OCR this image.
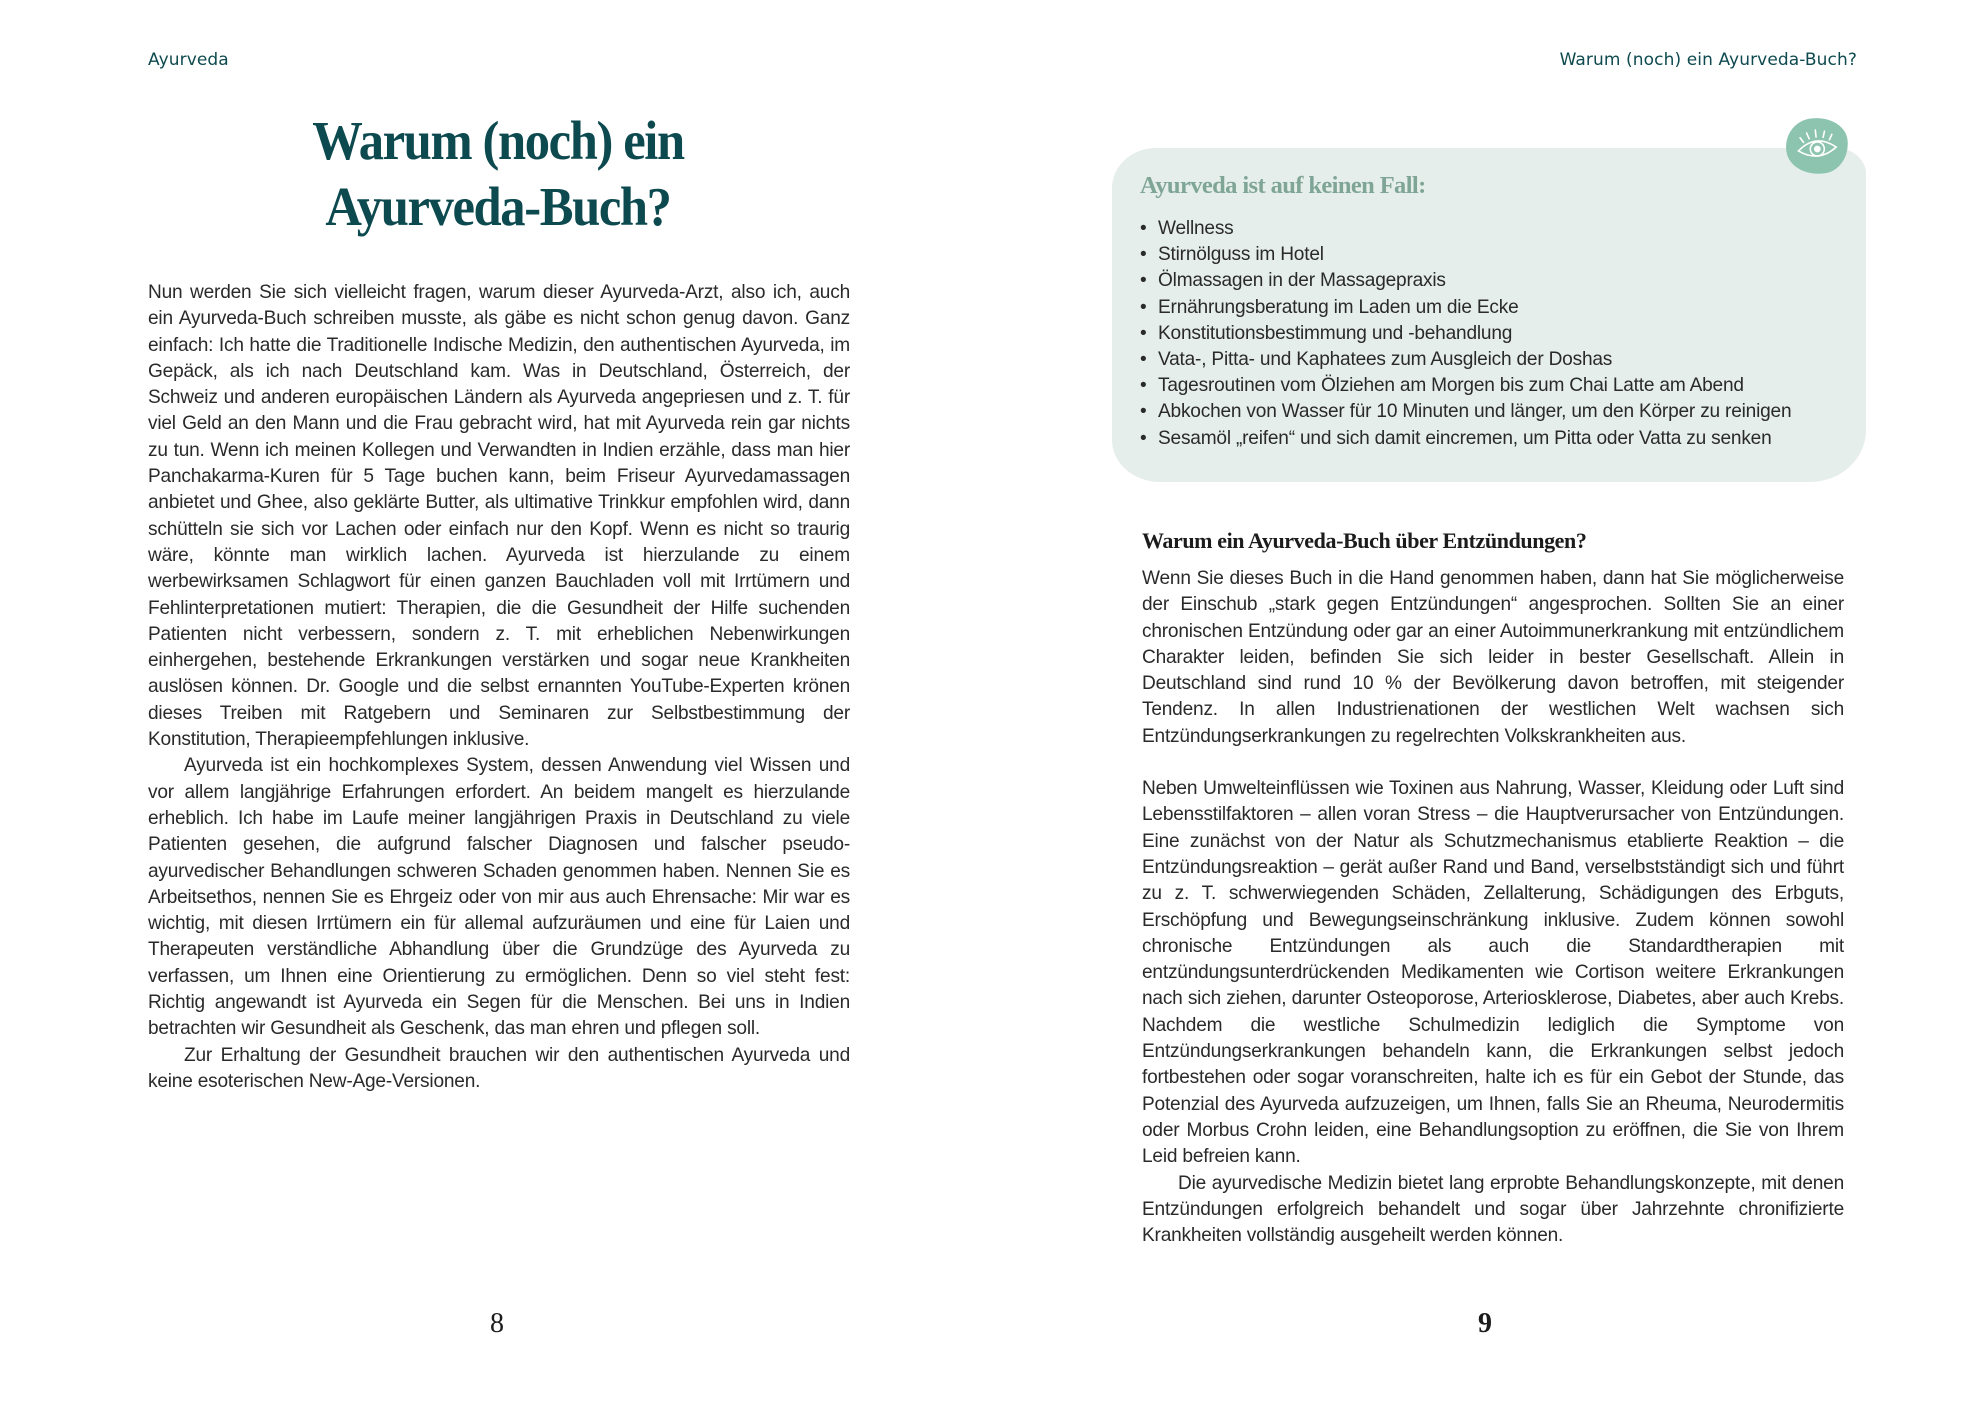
Ayurveda
Warum (noch) ein
Ayurveda-Buch?

Nun werden Sie sich vielleicht fragen, warum dieser Ayurveda-Arzt, also ich, auch ein Ayurveda-Buch schreiben musste, als gäbe es nicht schon genug davon. Ganz einfach: Ich hatte die Traditionelle Indische Medizin, den authentischen Ayurveda, im Gepäck, als ich nach Deutschland kam. Was in Deutschland, Österreich, der Schweiz und anderen europäischen Ländern als Ayurveda angepriesen und z. T. für viel Geld an den Mann und die Frau gebracht wird, hat mit Ayurveda rein gar nichts zu tun. Wenn ich meinen Kollegen und Verwandten in Indien erzähle, dass man hier Panchakarma-Kuren für 5 Tage buchen kann, beim Friseur Ayurvedamassagen anbietet und Ghee, also geklärte Butter, als ultimative Trinkkur empfohlen wird, dann schütteln sie sich vor Lachen oder einfach nur den Kopf. Wenn es nicht so traurig wäre, könnte man wirklich lachen. Ayurveda ist hierzulande zu einem werbewirksamen Schlagwort für einen ganzen Bauchladen voll mit Irrtümern und Fehlinterpretationen mutiert: Therapien, die die Gesundheit der Hilfe suchenden Patienten nicht verbessern, sondern z. T. mit erheblichen Nebenwirkungen einhergehen, bestehende Erkrankungen verstärken und sogar neue Krankheiten auslösen können. Dr. Google und die selbst ernannten YouTube-Experten krönen dieses Treiben mit Ratgebern und Seminaren zur Selbstbestimmung der Konstitution, Therapieempfehlungen inklusive.

Ayurveda ist ein hochkomplexes System, dessen Anwendung viel Wissen und vor allem langjährige Erfahrungen erfordert. An beidem mangelt es hierzulande erheblich. Ich habe im Laufe meiner langjährigen Praxis in Deutschland zu viele Patienten gesehen, die aufgrund falscher Diagnosen und falscher pseudo-ayurvedischer Behandlungen schweren Schaden genommen haben. Nennen Sie es Arbeitsethos, nennen Sie es Ehrgeiz oder von mir aus auch Ehrensache: Mir war es wichtig, mit diesen Irrtümern ein für allemal aufzuräumen und eine für Laien und Therapeuten verständliche Abhandlung über die Grundzüge des Ayurveda zu verfassen, um Ihnen eine Orientierung zu ermöglichen. Denn so viel steht fest: Richtig angewandt ist Ayurveda ein Segen für die Menschen. Bei uns in Indien betrachten wir Gesundheit als Geschenk, das man ehren und pflegen soll.

Zur Erhaltung der Gesundheit brauchen wir den authentischen Ayurveda und keine esoterischen New-Age-Versionen.

8
Warum (noch) ein Ayurveda-Buch?
Ayurveda ist auf keinen Fall:
• Wellness
• Stirnölguss im Hotel
• Ölmassagen in der Massagepraxis
• Ernährungsberatung im Laden um die Ecke
• Konstitutionsbestimmung und -behandlung
• Vata-, Pitta- und Kaphatees zum Ausgleich der Doshas
• Tagesroutinen vom Ölziehen am Morgen bis zum Chai Latte am Abend
• Abkochen von Wasser für 10 Minuten und länger, um den Körper zu reinigen
• Sesamöl „reifen“ und sich damit eincremen, um Pitta oder Vatta zu senken
Warum ein Ayurveda-Buch über Entzündungen?

Wenn Sie dieses Buch in die Hand genommen haben, dann hat Sie möglicherweise der Einschub „stark gegen Entzündungen“ angesprochen. Sollten Sie an einer chronischen Entzündung oder gar an einer Autoimmunerkrankung mit entzündlichem Charakter leiden, befinden Sie sich leider in bester Gesellschaft. Allein in Deutschland sind rund 10 % der Bevölkerung davon betroffen, mit steigender Tendenz. In allen Industrienationen der westlichen Welt wachsen sich Entzündungserkrankungen zu regelrechten Volkskrankheiten aus.

Neben Umwelteinflüssen wie Toxinen aus Nahrung, Wasser, Kleidung oder Luft sind Lebensstilfaktoren – allen voran Stress – die Hauptverursacher von Entzündungen. Eine zunächst von der Natur als Schutzmechanismus etablierte Reaktion – die Entzündungsreaktion – gerät außer Rand und Band, verselbstständigt sich und führt zu z. T. schwerwiegenden Schäden, Zellalterung, Schädigungen des Erbguts, Erschöpfung und Bewegungseinschränkung inklusive. Zudem können sowohl chronische Entzündungen als auch die Standardtherapien mit entzündungsunterdrückenden Medikamenten wie Cortison weitere Erkrankungen nach sich ziehen, darunter Osteoporose, Arteriosklerose, Diabetes, aber auch Krebs. Nachdem die westliche Schulmedizin lediglich die Symptome von Entzündungserkrankungen behandeln kann, die Erkrankungen selbst jedoch fortbestehen oder sogar voranschreiten, halte ich es für ein Gebot der Stunde, das Potenzial des Ayurveda aufzuzeigen, um Ihnen, falls Sie an Rheuma, Neurodermitis oder Morbus Crohn leiden, eine Behandlungsoption zu eröffnen, die Sie von Ihrem Leid befreien kann.

Die ayurvedische Medizin bietet lang erprobte Behandlungskonzepte, mit denen Entzündungen erfolgreich behandelt und sogar über Jahrzehnte chronifizierte Krankheiten vollständig ausgeheilt werden können.

9
